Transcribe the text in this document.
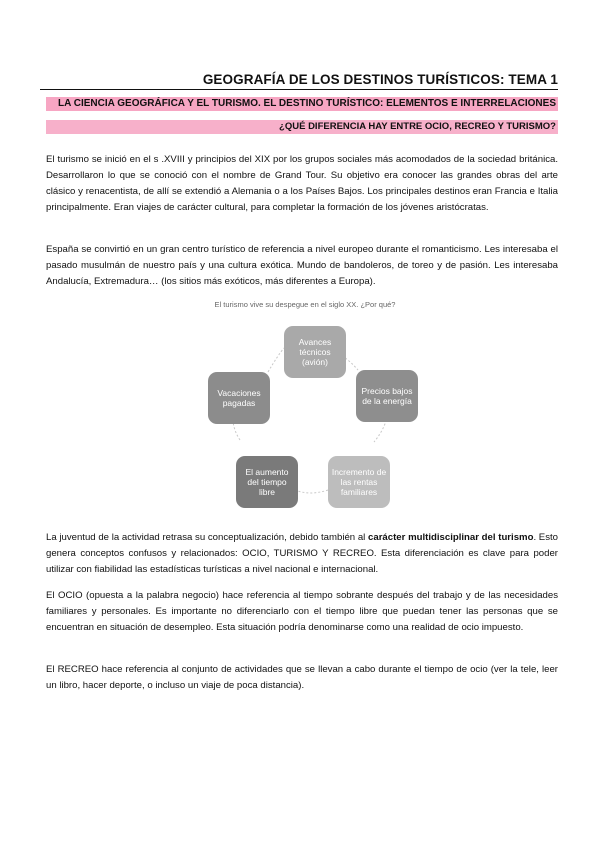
GEOGRAFÍA DE LOS DESTINOS TURÍSTICOS: TEMA 1
LA CIENCIA GEOGRÁFICA Y EL TURISMO. EL DESTINO TURÍSTICO: ELEMENTOS E INTERRELACIONES
¿QUÉ DIFERENCIA HAY ENTRE OCIO, RECREO Y TURISMO?

El turismo se inició en el s .XVIII y principios del XIX por los grupos sociales más acomodados de la sociedad británica. Desarrollaron lo que se conoció con el nombre de Grand Tour. Su objetivo era conocer las grandes obras del arte clásico y renacentista, de allí se extendió a Alemania o a los Países Bajos. Los principales destinos eran Francia e Italia principalmente. Eran viajes de carácter cultural, para completar la formación de los jóvenes aristócratas.

España se convirtió en un gran centro turístico de referencia a nivel europeo durante el romanticismo. Les interesaba el pasado musulmán de nuestro país y una cultura exótica. Mundo de bandoleros, de toreo y de pasión. Les interesaba Andalucía, Extremadura… (los sitios más exóticos, más diferentes a Europa).

El turismo vive su despegue en el siglo XX. ¿Por qué?
Avances técnicos (avión)
Precios bajos de la energía
Incremento de las rentas familiares
El aumento del tiempo libre
Vacaciones pagadas

La juventud de la actividad retrasa su conceptualización, debido también al carácter multidisciplinar del turismo. Esto genera conceptos confusos y relacionados: OCIO, TURISMO Y RECREO. Esta diferenciación es clave para poder utilizar con fiabilidad las estadísticas turísticas a nivel nacional e internacional.

El OCIO (opuesta a la palabra negocio) hace referencia al tiempo sobrante después del trabajo y de las necesidades familiares y personales. Es importante no diferenciarlo con el tiempo libre que puedan tener las personas que se encuentran en situación de desempleo. Esta situación podría denominarse como una realidad de ocio impuesto.

El RECREO hace referencia al conjunto de actividades que se llevan a cabo durante el tiempo de ocio (ver la tele, leer un libro, hacer deporte, o incluso un viaje de poca distancia).
